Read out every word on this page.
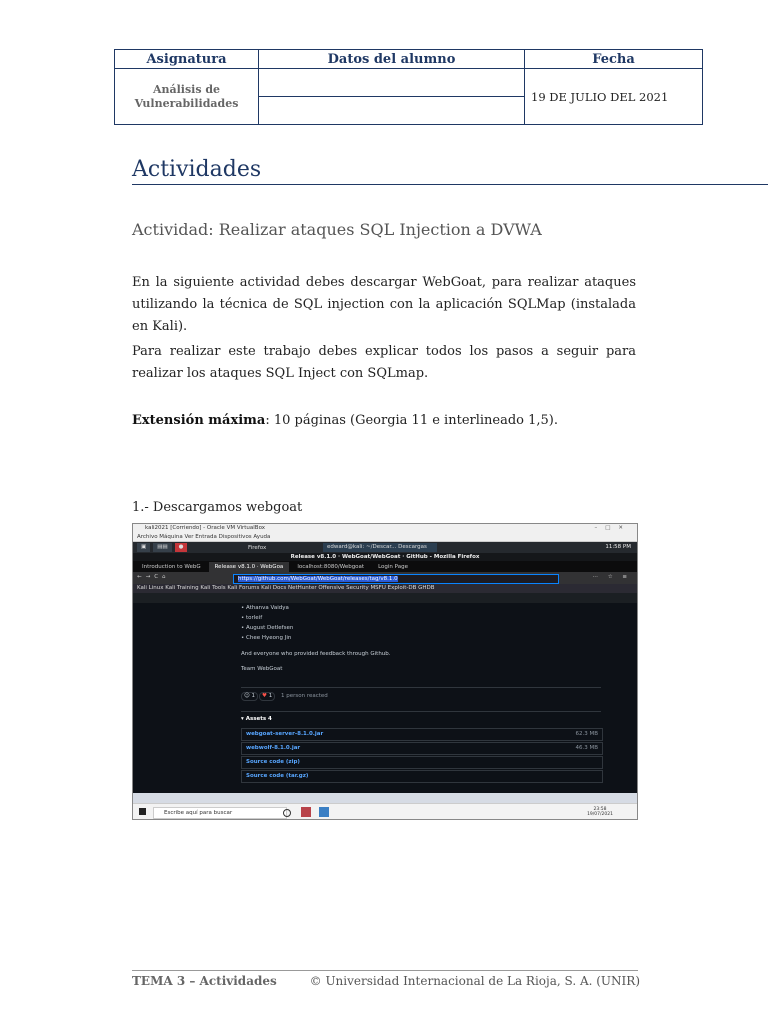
Asignatura	Datos del alumno	Fecha
Análisis de Vulnerabilidades		19 DE JULIO DEL 2021

Actividades
Actividad: Realizar ataques SQL Injection a DVWA
En la siguiente actividad debes descargar WebGoat, para realizar ataques utilizando la técnica de SQL injection con la aplicación SQLMap (instalada en Kali).
Para realizar este trabajo debes explicar todos los pasos a seguir para realizar los ataques SQL Inject con SQLmap.
Extensión máxima: 10 páginas (Georgia 11 e interlineado 1,5).
1.- Descargamos webgoat
kali2021 [Corriendo] - Oracle VM VirtualBox	–□✕
Archivo Máquina Ver Entrada Dispositivos Ayuda
▣	▤▤	●	Firefox	edward@kali: ~/Descar... Descargas	11:58 PM
Release v8.1.0 · WebGoat/WebGoat · GitHub - Mozilla Firefox
Introduction to WebG	Release v8.1.0 · WebGoa	localhost:8080/Webgoat	Login Page
←→C⌂	https://github.com/WebGoat/WebGoat/releases/tag/v8.1.0	⋯ ☆ ≡
Kali Linux Kali Training Kali Tools Kali Forums Kali Docs NetHunter Offensive Security MSFU Exploit-DB GHDB
• Athanva Vaidya
• torleif
• August Detlefsen
• Chee Hyeong Jin
And everyone who provided feedback through Github.
Team WebGoat
☺ 1	♥ 1	1 person reacted
▾ Assets 4
webgoat-server-8.1.0.jar	62.3 MB
webwolf-8.1.0.jar	46.3 MB
Source code (zip)
Source code (tar.gz)
Escribe aquí para buscar
23:58
19/07/2021
TEMA 3 – Actividades	© Universidad Internacional de La Rioja, S. A. (UNIR)
